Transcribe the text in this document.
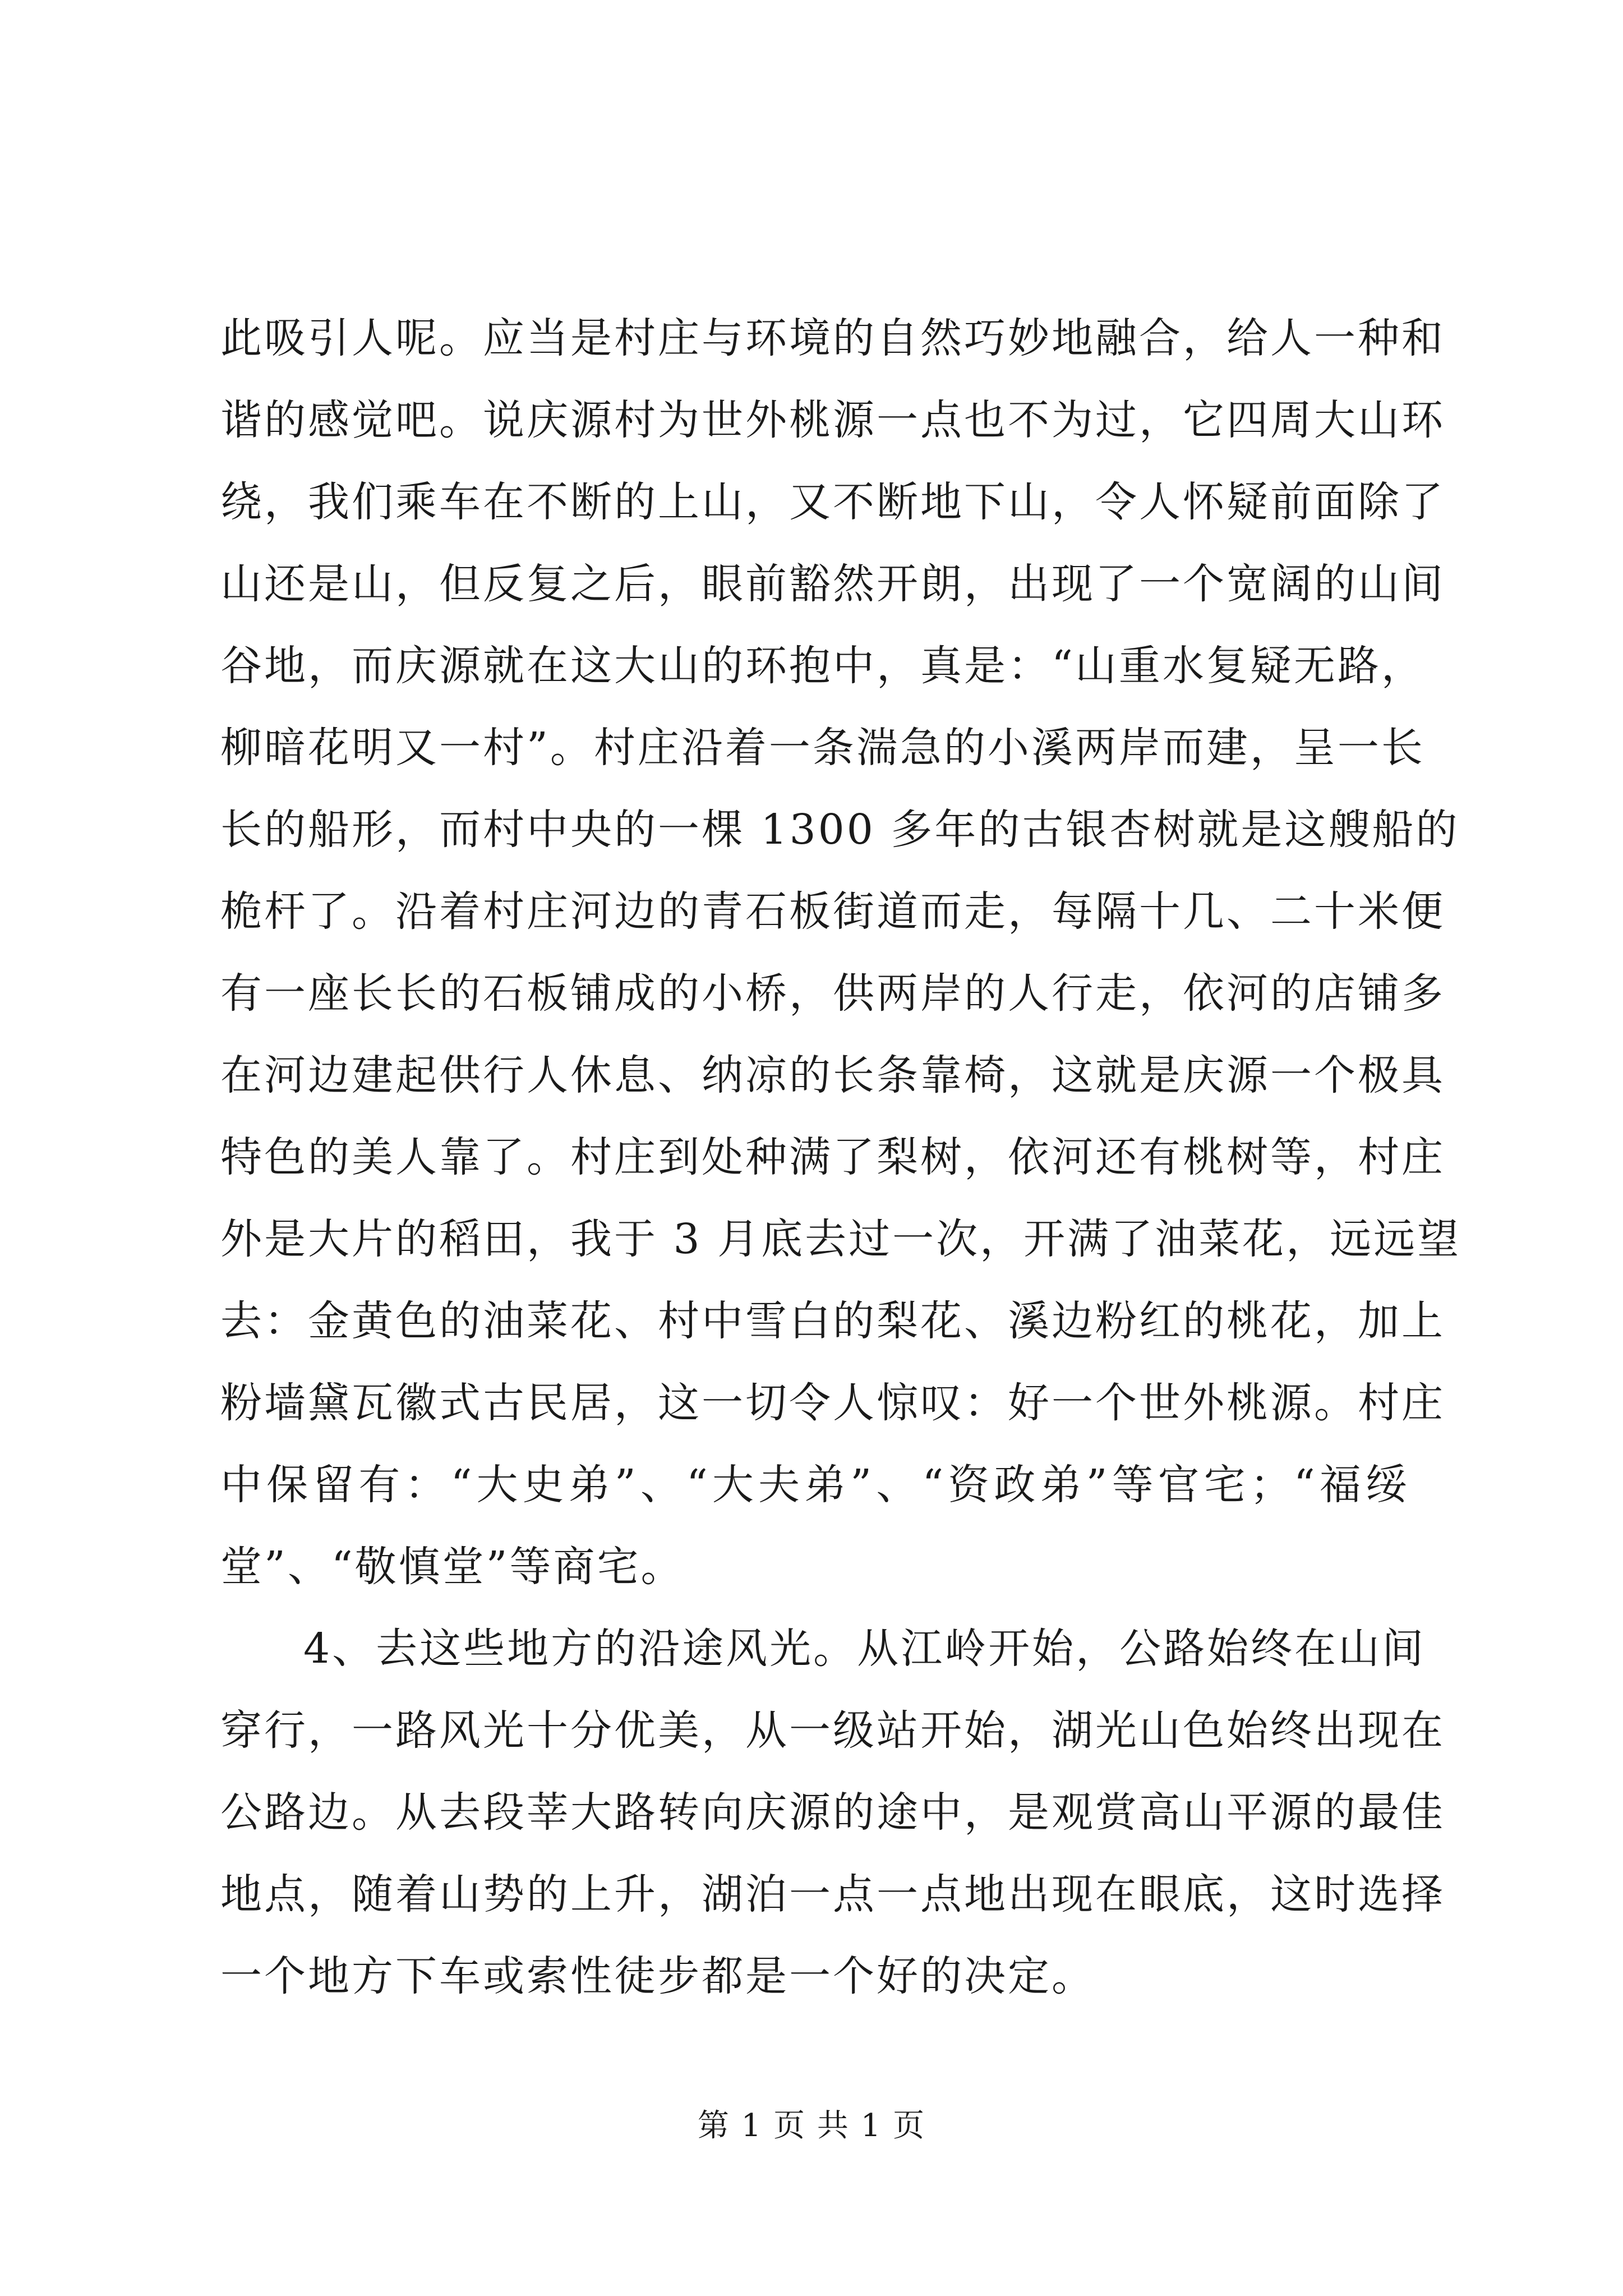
此吸引人呢。应当是村庄与环境的自然巧妙地融合，给人一种和
谐的感觉吧。说庆源村为世外桃源一点也不为过，它四周大山环
绕，我们乘车在不断的上山，又不断地下山，令人怀疑前面除了
山还是山，但反复之后，眼前豁然开朗，出现了一个宽阔的山间
谷地，而庆源就在这大山的环抱中，真是：“山重水复疑无路，
柳暗花明又一村”。村庄沿着一条湍急的小溪两岸而建，呈一长
长的船形，而村中央的一棵 1300 多年的古银杏树就是这艘船的
桅杆了。沿着村庄河边的青石板街道而走，每隔十几、二十米便
有一座长长的石板铺成的小桥，供两岸的人行走，依河的店铺多
在河边建起供行人休息、纳凉的长条靠椅，这就是庆源一个极具
特色的美人靠了。村庄到处种满了梨树，依河还有桃树等，村庄
外是大片的稻田，我于 3 月底去过一次，开满了油菜花，远远望
去：金黄色的油菜花、村中雪白的梨花、溪边粉红的桃花，加上
粉墙黛瓦徽式古民居，这一切令人惊叹：好一个世外桃源。村庄
中保留有：“大史弟”、“大夫弟”、“资政弟”等官宅；“福绥
堂”、“敬慎堂”等商宅。
4、去这些地方的沿途风光。从江岭开始，公路始终在山间
穿行，一路风光十分优美，从一级站开始，湖光山色始终出现在
公路边。从去段莘大路转向庆源的途中，是观赏高山平源的最佳
地点，随着山势的上升，湖泊一点一点地出现在眼底，这时选择
一个地方下车或索性徒步都是一个好的决定。
第 1 页 共 1 页
